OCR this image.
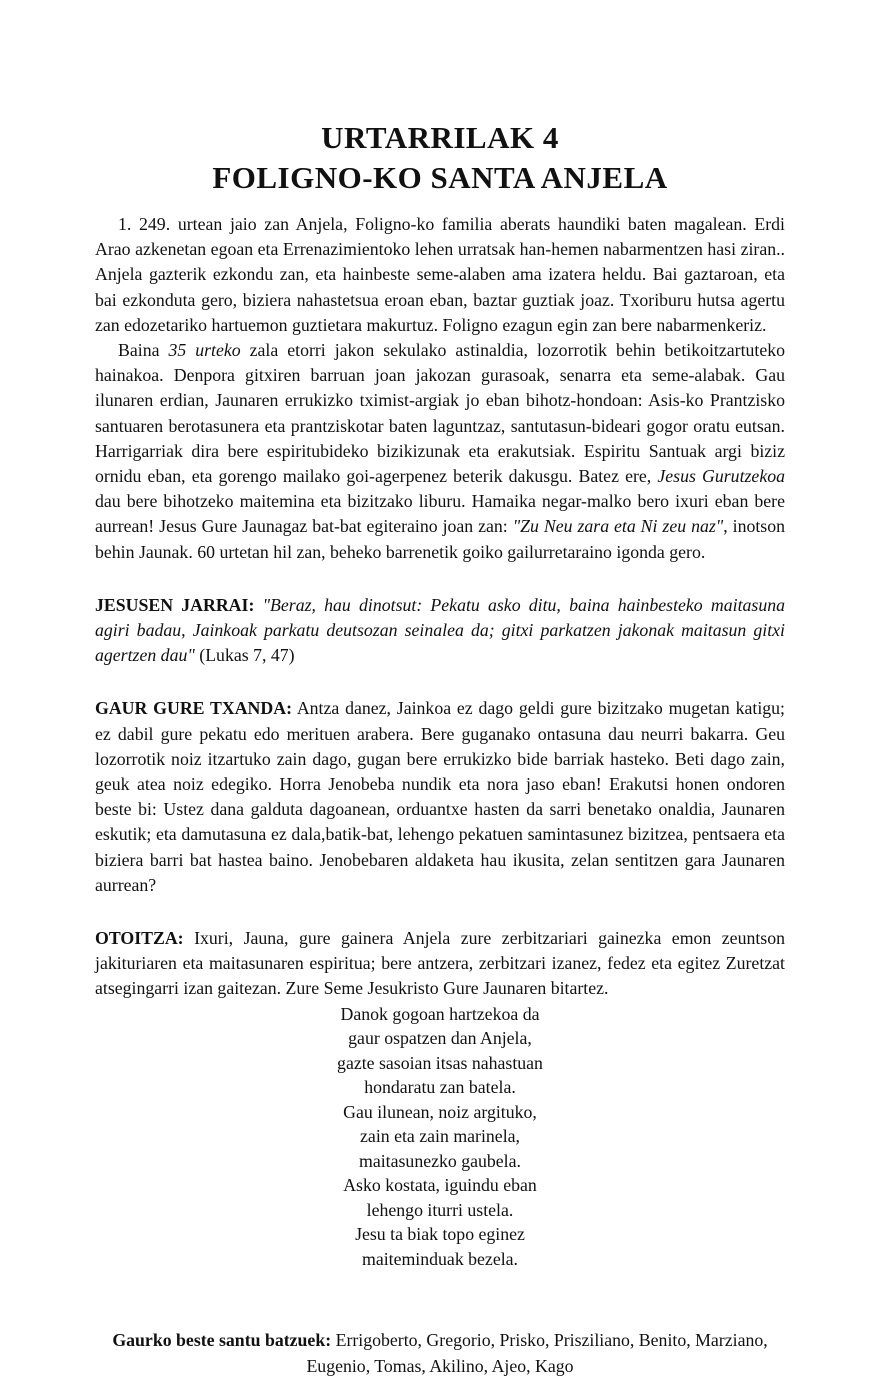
URTARRILAK 4
FOLIGNO-KO SANTA ANJELA

1. 249. urtean jaio zan Anjela, Foligno-ko familia aberats haundiki baten magalean. Erdi Arao azkenetan egoan eta Errenazimientoko lehen urratsak han-hemen nabarmentzen hasi ziran.. Anjela gazterik ezkondu zan, eta hainbeste seme-alaben ama izatera heldu. Bai gaztaroan, eta bai ezkonduta gero, biziera nahastetsua eroan eban, baztar guztiak joaz. Txoriburu hutsa agertu zan edozetariko hartuemon guztietara makurtuz. Foligno ezagun egin zan bere nabarmenkeriz.

Baina 35 urteko zala etorri jakon sekulako astinaldia, lozorrotik behin betikoitzartuteko hainakoa. Denpora gitxiren barruan joan jakozan gurasoak, senarra eta seme-alabak. Gau ilunaren erdian, Jaunaren errukizko tximist-argiak jo eban bihotz-hondoan: Asis-ko Prantzisko santuaren berotasunera eta prantziskotar baten laguntzaz, santutasun-bideari gogor oratu eutsan. Harrigarriak dira bere espiritubideko bizikizunak eta erakutsiak. Espiritu Santuak argi biziz ornidu eban, eta gorengo mailako goi-agerpenez beterik dakusgu. Batez ere, Jesus Gurutzekoa dau bere bihotzeko maitemina eta bizitzako liburu. Hamaika negar-malko bero ixuri eban bere aurrean! Jesus Gure Jaunagaz bat-bat egiteraino joan zan: "Zu Neu zara eta Ni zeu naz", inotson behin Jaunak. 60 urtetan hil zan, beheko barrenetik goiko gailurretaraino igonda gero.

JESUSEN JARRAI: "Beraz, hau dinotsut: Pekatu asko ditu, baina hainbesteko maitasuna agiri badau, Jainkoak parkatu deutsozan seinalea da; gitxi parkatzen jakonak maitasun gitxi agertzen dau" (Lukas 7, 47)

GAUR GURE TXANDA: Antza danez, Jainkoa ez dago geldi gure bizitzako mugetan katigu; ez dabil gure pekatu edo merituen arabera. Bere guganako ontasuna dau neurri bakarra. Geu lozorrotik noiz itzartuko zain dago, gugan bere errukizko bide barriak hasteko. Beti dago zain, geuk atea noiz edegiko. Horra Jenobeba nundik eta nora jaso eban! Erakutsi honen ondoren beste bi: Ustez dana galduta dagoanean, orduantxe hasten da sarri benetako onaldia, Jaunaren eskutik; eta damutasuna ez dala,batik-bat, lehengo pekatuen samintasunez bizitzea, pentsaera eta biziera barri bat hastea baino. Jenobebaren aldaketa hau ikusita, zelan sentitzen gara Jaunaren aurrean?

OTOITZA: Ixuri, Jauna, gure gainera Anjela zure zerbitzariari gainezka emon zeuntson jakituriaren eta maitasunaren espiritua; bere antzera, zerbitzari izanez, fedez eta egitez Zuretzat atsegingarri izan gaitezan. Zure Seme Jesukristo Gure Jaunaren bitartez.

Danok gogoan hartzekoa da
gaur ospatzen dan Anjela,
gazte sasoian itsas nahastuan
hondaratu zan batela.
Gau ilunean, noiz argituko,
zain eta zain marinela,
maitasunezko gaubela.
Asko kostata, iguindu eban
lehengo iturri ustela.
Jesu ta biak topo eginez
maiteminduak bezela.

Gaurko beste santu batzuek: Errigoberto, Gregorio, Prisko, Prisziliano, Benito, Marziano, Eugenio, Tomas, Akilino, Ajeo, Kago
